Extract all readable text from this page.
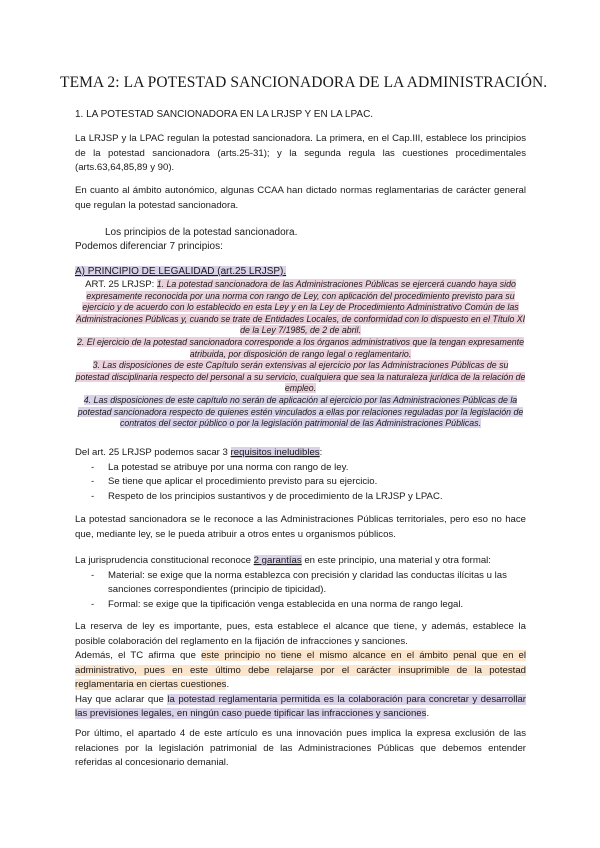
TEMA 2: LA POTESTAD SANCIONADORA DE LA ADMINISTRACIÓN.
1. LA POTESTAD SANCIONADORA EN LA LRJSP Y EN LA LPAC.
La LRJSP y la LPAC regulan la potestad sancionadora. La primera, en el Cap.III, establece los principios de la potestad sancionadora (arts.25-31); y la segunda regula las cuestiones procedimentales (arts.63,64,85,89 y 90).
En cuanto al ámbito autonómico, algunas CCAA han dictado normas reglamentarias de carácter general que regulan la potestad sancionadora.
Los principios de la potestad sancionadora.
Podemos diferenciar 7 principios:
A) PRINCIPIO DE LEGALIDAD (art.25 LRJSP).
ART. 25 LRJSP: 1. La potestad sancionadora de las Administraciones Públicas se ejercerá cuando haya sido expresamente reconocida por una norma con rango de Ley, con aplicación del procedimiento previsto para su ejercicio y de acuerdo con lo establecido en esta Ley y en la Ley de Procedimiento Administrativo Común de las Administraciones Públicas y, cuando se trate de Entidades Locales, de conformidad con lo dispuesto en el Título XI de la Ley 7/1985, de 2 de abril.
2. El ejercicio de la potestad sancionadora corresponde a los órganos administrativos que la tengan expresamente atribuida, por disposición de rango legal o reglamentario.
3. Las disposiciones de este Capítulo serán extensivas al ejercicio por las Administraciones Públicas de su potestad disciplinaria respecto del personal a su servicio, cualquiera que sea la naturaleza jurídica de la relación de empleo.
4. Las disposiciones de este capítulo no serán de aplicación al ejercicio por las Administraciones Públicas de la potestad sancionadora respecto de quienes estén vinculados a ellas por relaciones reguladas por la legislación de contratos del sector público o por la legislación patrimonial de las Administraciones Públicas.
Del art. 25 LRJSP podemos sacar 3 requisitos ineludibles:
- La potestad se atribuye por una norma con rango de ley.
- Se tiene que aplicar el procedimiento previsto para su ejercicio.
- Respeto de los principios sustantivos y de procedimiento de la LRJSP y LPAC.
La potestad sancionadora se le reconoce a las Administraciones Públicas territoriales, pero eso no hace que, mediante ley, se le pueda atribuir a otros entes u organismos públicos.
La jurisprudencia constitucional reconoce 2 garantías en este principio, una material y otra formal:
- Material: se exige que la norma establezca con precisión y claridad las conductas ilícitas u las sanciones correspondientes (principio de tipicidad).
- Formal: se exige que la tipificación venga establecida en una norma de rango legal.
La reserva de ley es importante, pues, esta establece el alcance que tiene, y además, establece la posible colaboración del reglamento en la fijación de infracciones y sanciones.
Además, el TC afirma que este principio no tiene el mismo alcance en el ámbito penal que en el administrativo, pues en este último debe relajarse por el carácter insuprimible de la potestad reglamentaria en ciertas cuestiones.
Hay que aclarar que la potestad reglamentaria permitida es la colaboración para concretar y desarrollar las previsiones legales, en ningún caso puede tipificar las infracciones y sanciones.
Por último, el apartado 4 de este artículo es una innovación pues implica la expresa exclusión de las relaciones por la legislación patrimonial de las Administraciones Públicas que debemos entender referidas al concesionario demanial.
